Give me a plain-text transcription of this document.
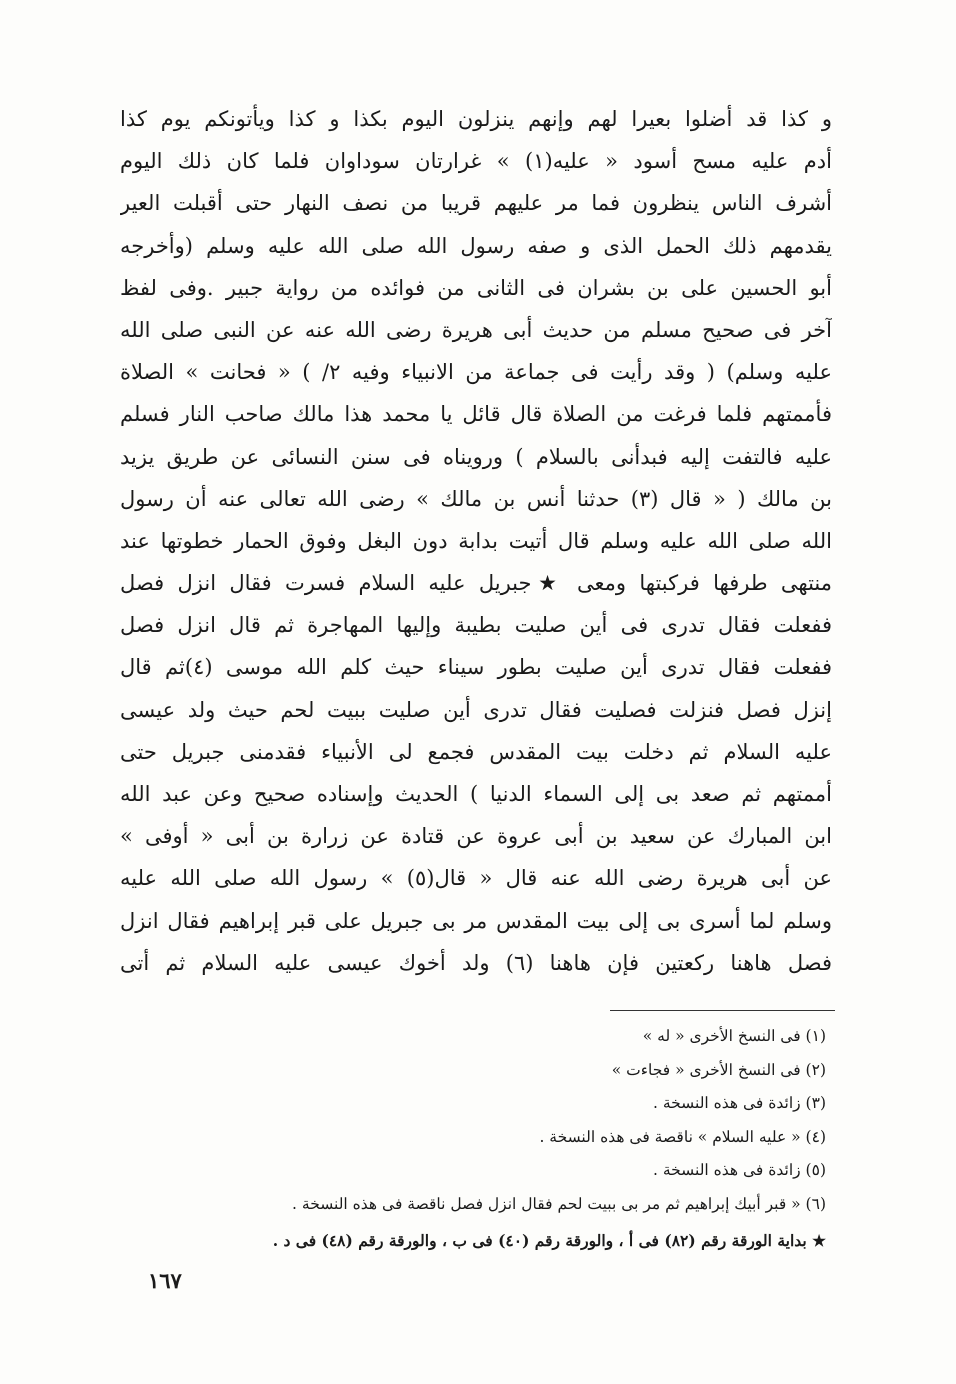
و كذا قد أضلوا بعيرا لهم وإنهم ينزلون اليوم بكذا و كذا ويأتونكم يوم كذا
أدم عليه مسح أسود « عليه(١) » غرارتان سوداوان فلما كان ذلك اليوم
أشرف الناس ينظرون فما مر عليهم قريبا من نصف النهار حتى أقبلت العير
يقدمهم ذلك الحمل الذى و صفه رسول الله صلى الله عليه وسلم (وأخرجه
أبو الحسين على بن بشران فى الثانى من فوائده من رواية جبير .وفى لفظ
آخر فى صحيح مسلم من حديث أبى هريرة رضى الله عنه عن النبى صلى الله
عليه وسلم) ( وقد رأيت فى جماعة من الانبياء وفيه ٢/ ) « فحانت » الصلاة
فأممتهم فلما فرغت من الصلاة قال قائل يا محمد هذا مالك صاحب النار فسلم
عليه فالتفت إليه فبدأنى بالسلام ) ورويناه فى سنن النسائى عن طريق يزيد
بن مالك ( « قال (٣) حدثنا أنس بن مالك » رضى الله تعالى عنه أن رسول
الله صلى الله عليه وسلم قال أتيت بدابة دون البغل وفوق الحمار خطوتها عند
منتهى طرفها فركبتها ومعى ★جبريل عليه السلام فسرت فقال انزل فصل
ففعلت فقال تدرى فى أين صليت بطيبة وإليها المهاجرة ثم قال انزل فصل
ففعلت فقال تدرى أين صليت بطور سيناء حيث كلم الله موسى (٤)ثم قال
إنزل فصل فنزلت فصليت فقال تدرى أين صليت ببيت لحم حيث ولد عيسى
عليه السلام ثم دخلت بيت المقدس فجمع لى الأنبياء فقدمنى جبريل حتى
أممتهم ثم صعد بى إلى السماء الدنيا ) الحديث وإسناده صحيح وعن عبد الله
ابن المبارك عن سعيد بن أبى عروة عن قتادة عن زرارة بن أبى « أوفى »
عن أبى هريرة رضى الله عنه قال « قال(٥) » رسول الله صلى الله عليه
وسلم لما أسرى بى إلى بيت المقدس مر بى جبريل على قبر إبراهيم فقال انزل
فصل هاهنا ركعتين فإن هاهنا (٦) ولد أخوك عيسى عليه السلام ثم أتى
(١) فى النسخ الأخرى « له »
(٢) فى النسخ الأخرى « فجاءت »
(٣) زائدة فى هذه النسخة .
(٤) « عليه السلام » ناقصة فى هذه النسخة .
(٥) زائدة فى هذه النسخة .
(٦) « قبر أبيك إبراهيم ثم مر بى ببيت لحم فقال انزل فصل ناقصة فى هذه النسخة .
★ بداية الورقة رقم (٨٢) فى أ ، والورقة رقم (٤٠) فى ب ، والورقة رقم (٤٨) فى د .
١٦٧
